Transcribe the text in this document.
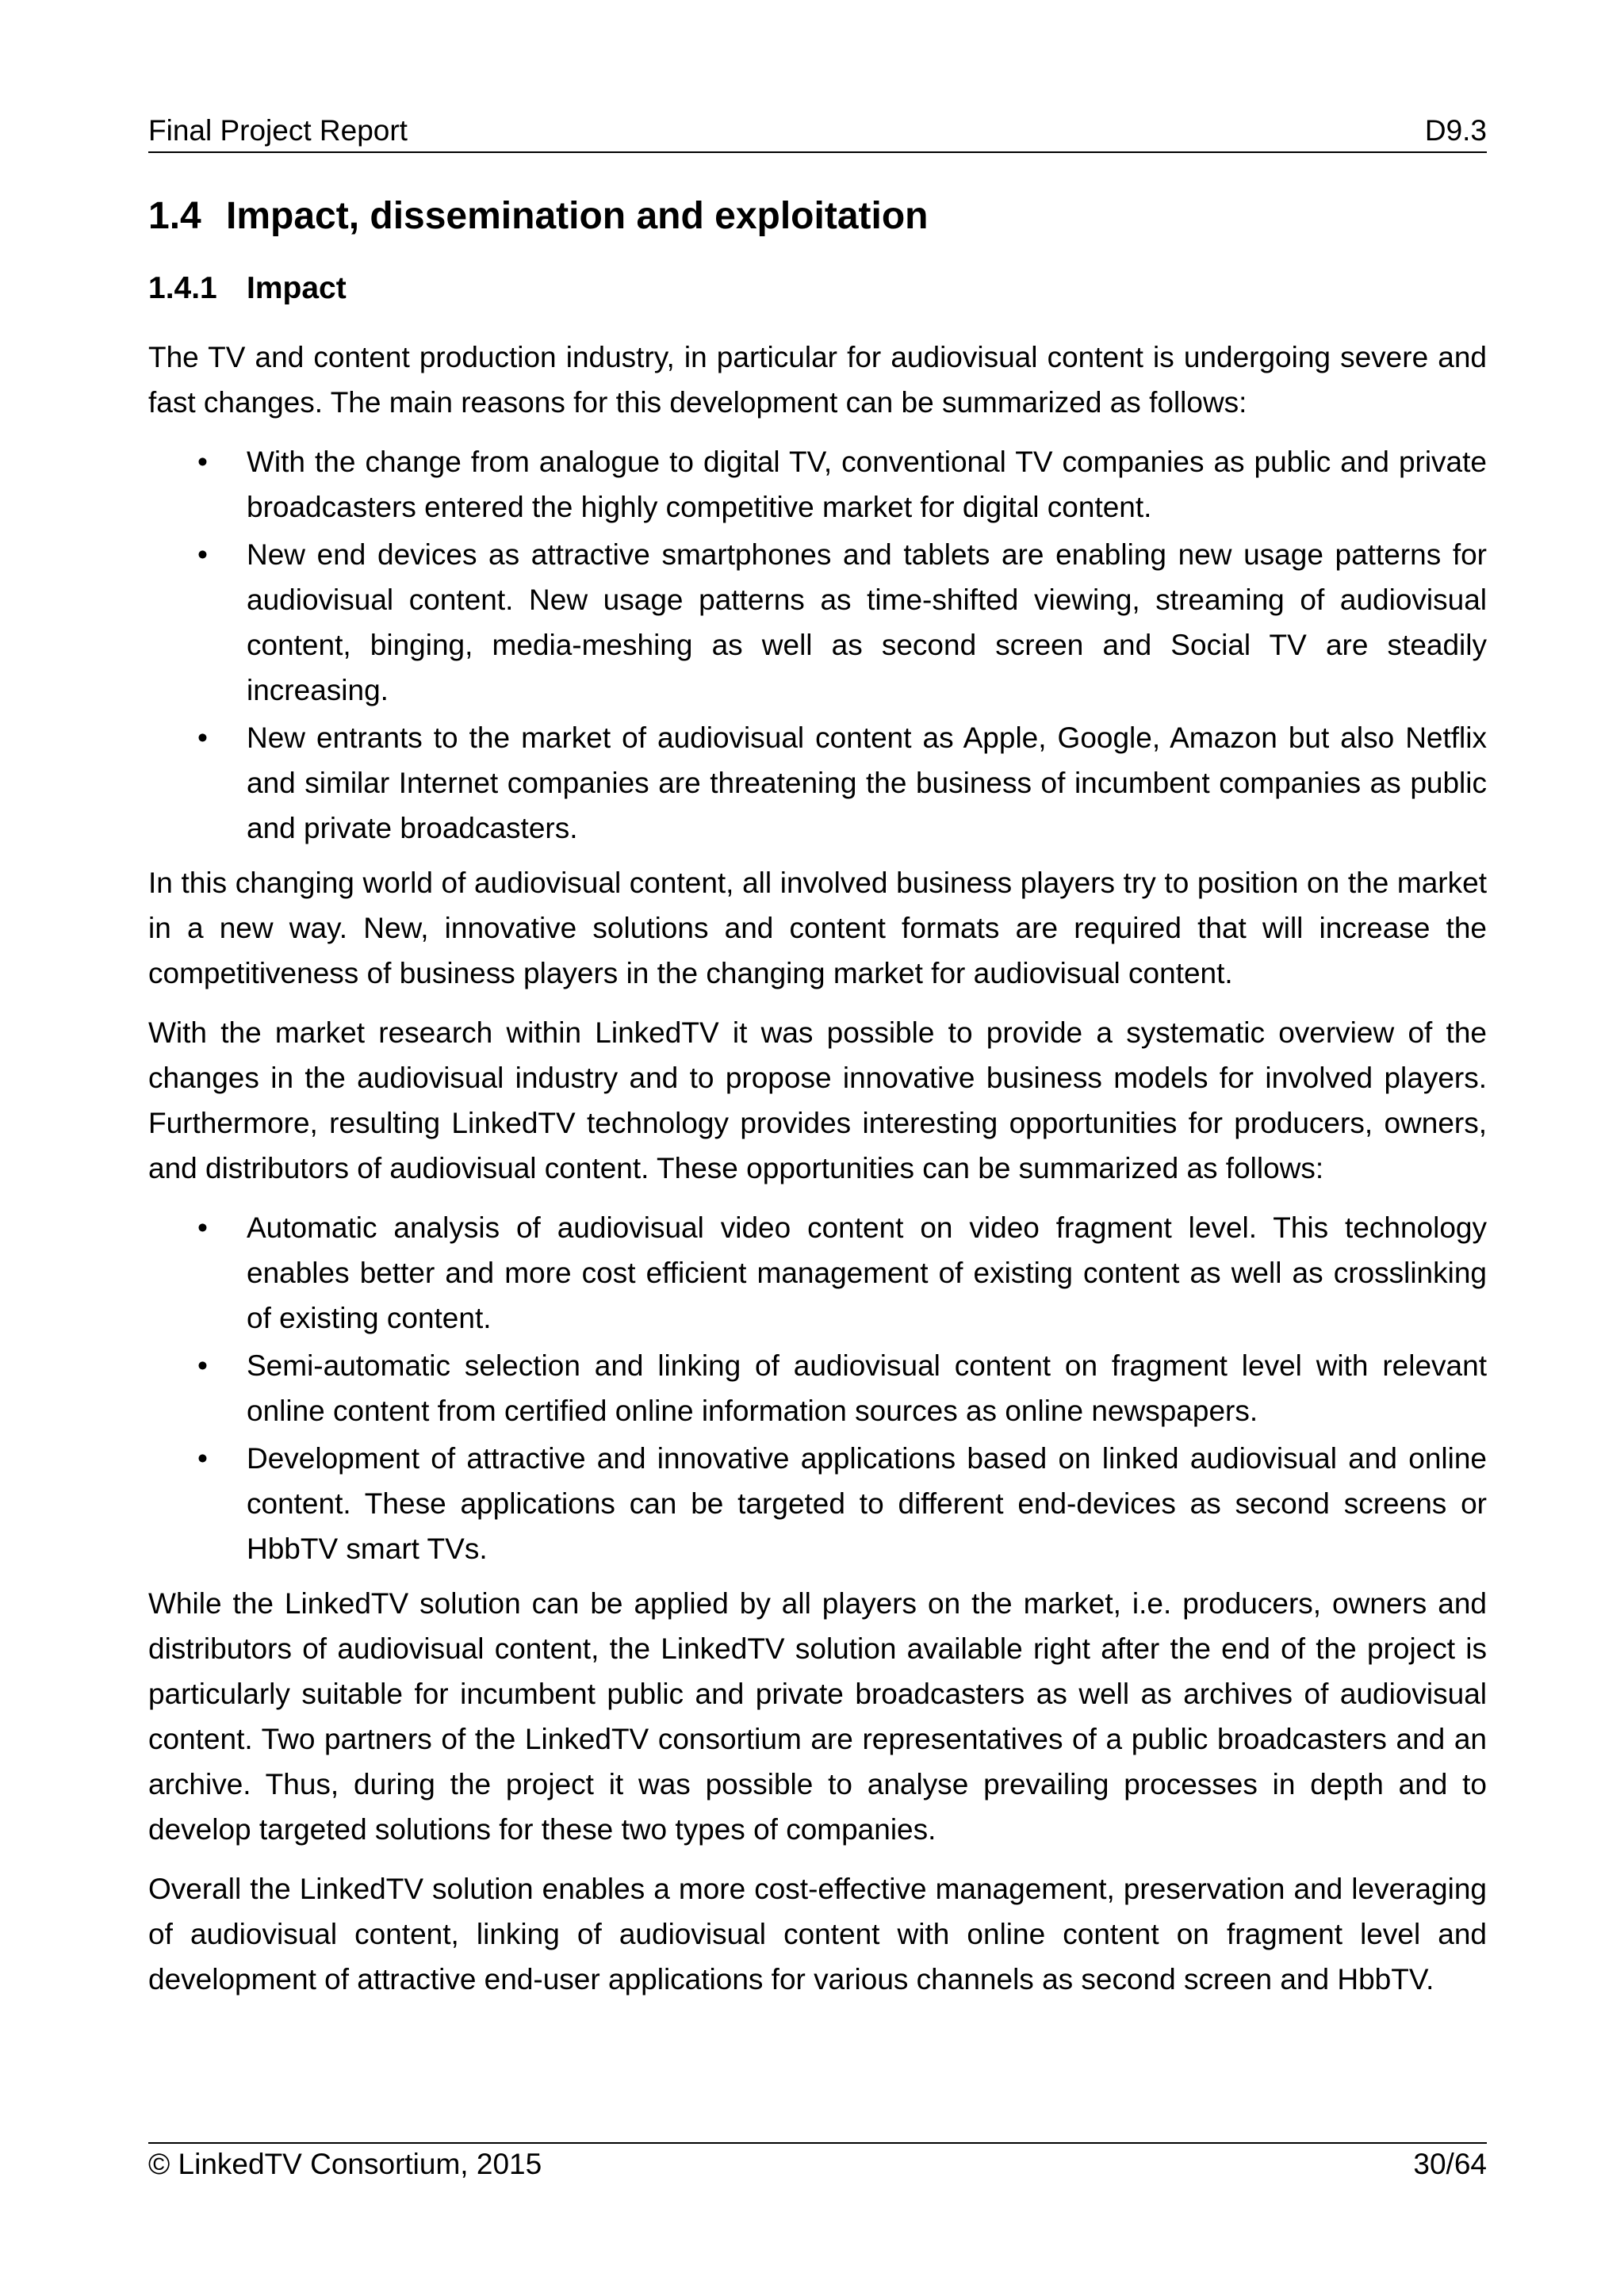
Final Project Report	D9.3
1.4 Impact, dissemination and exploitation
1.4.1 Impact

The TV and content production industry, in particular for audiovisual content is undergoing severe and fast changes. The main reasons for this development can be summarized as follows:

• With the change from analogue to digital TV, conventional TV companies as public and private broadcasters entered the highly competitive market for digital content.
• New end devices as attractive smartphones and tablets are enabling new usage patterns for audiovisual content. New usage patterns as time-shifted viewing, streaming of audiovisual content, binging, media-meshing as well as second screen and Social TV are steadily increasing.
• New entrants to the market of audiovisual content as Apple, Google, Amazon but also Netflix and similar Internet companies are threatening the business of incumbent companies as public and private broadcasters.

In this changing world of audiovisual content, all involved business players try to position on the market in a new way. New, innovative solutions and content formats are required that will increase the competitiveness of business players in the changing market for audiovisual content.

With the market research within LinkedTV it was possible to provide a systematic overview of the changes in the audiovisual industry and to propose innovative business models for involved players. Furthermore, resulting LinkedTV technology provides interesting opportunities for producers, owners, and distributors of audiovisual content. These opportunities can be summarized as follows:

• Automatic analysis of audiovisual video content on video fragment level. This technology enables better and more cost efficient management of existing content as well as crosslinking of existing content.
• Semi-automatic selection and linking of audiovisual content on fragment level with relevant online content from certified online information sources as online newspapers.
• Development of attractive and innovative applications based on linked audiovisual and online content. These applications can be targeted to different end-devices as second screens or HbbTV smart TVs.

While the LinkedTV solution can be applied by all players on the market, i.e. producers, owners and distributors of audiovisual content, the LinkedTV solution available right after the end of the project is particularly suitable for incumbent public and private broadcasters as well as archives of audiovisual content. Two partners of the LinkedTV consortium are representatives of a public broadcasters and an archive. Thus, during the project it was possible to analyse prevailing processes in depth and to develop targeted solutions for these two types of companies.

Overall the LinkedTV solution enables a more cost-effective management, preservation and leveraging of audiovisual content, linking of audiovisual content with online content on fragment level and development of attractive end-user applications for various channels as second screen and HbbTV.

© LinkedTV Consortium, 2015	30/64
